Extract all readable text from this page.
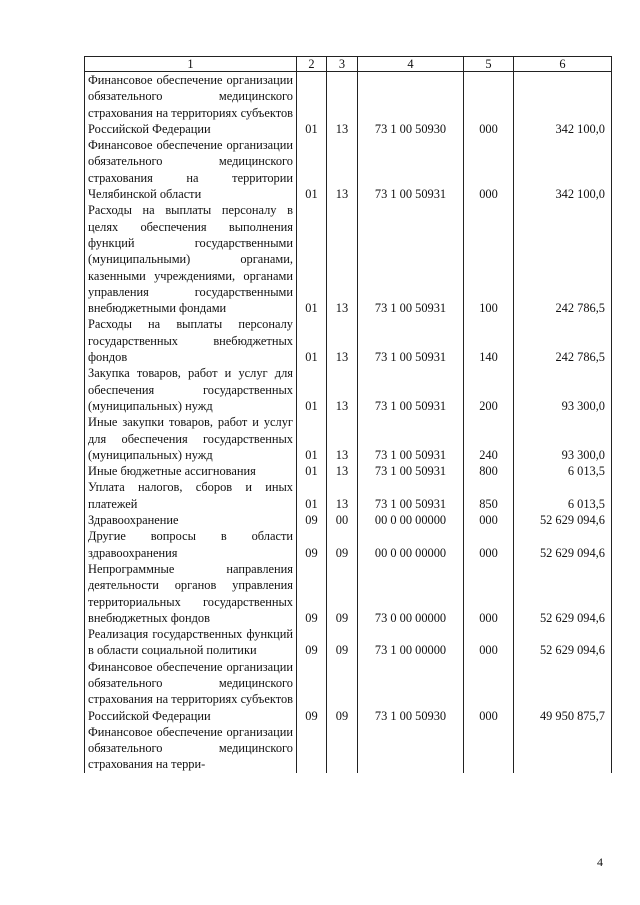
1	2	3	4	5	6
Финансовое обеспечение организации обязательного медицинского страхования на территориях субъектов Российской Федерации	01	13	73 1 00 50930	000	342 100,0
Финансовое обеспечение организации обязательного медицинского страхования на территории Челябинской области	01	13	73 1 00 50931	000	342 100,0
Расходы на выплаты персоналу в целях обеспечения выполнения функций государственными (муниципальными) органами, казенными учреждениями, органами управления государственными внебюджетными фондами	01	13	73 1 00 50931	100	242 786,5
Расходы на выплаты персоналу государственных внебюджетных фондов	01	13	73 1 00 50931	140	242 786,5
Закупка товаров, работ и услуг для обеспечения государственных (муниципальных) нужд	01	13	73 1 00 50931	200	93 300,0
Иные закупки товаров, работ и услуг для обеспечения государственных (муниципальных) нужд	01	13	73 1 00 50931	240	93 300,0
Иные бюджетные ассигнования	01	13	73 1 00 50931	800	6 013,5
Уплата налогов, сборов и иных платежей	01	13	73 1 00 50931	850	6 013,5
Здравоохранение	09	00	00 0 00 00000	000	52 629 094,6
Другие вопросы в области здравоохранения	09	09	00 0 00 00000	000	52 629 094,6
Непрограммные направления деятельности органов управления территориальных государственных внебюджетных фондов	09	09	73 0 00 00000	000	52 629 094,6
Реализация государственных функций в области социальной политики	09	09	73 1 00 00000	000	52 629 094,6
Финансовое обеспечение организации обязательного медицинского страхования на территориях субъектов Российской Федерации	09	09	73 1 00 50930	000	49 950 875,7
Финансовое обеспечение организации обязательного медицинского страхования на терри-					
4
